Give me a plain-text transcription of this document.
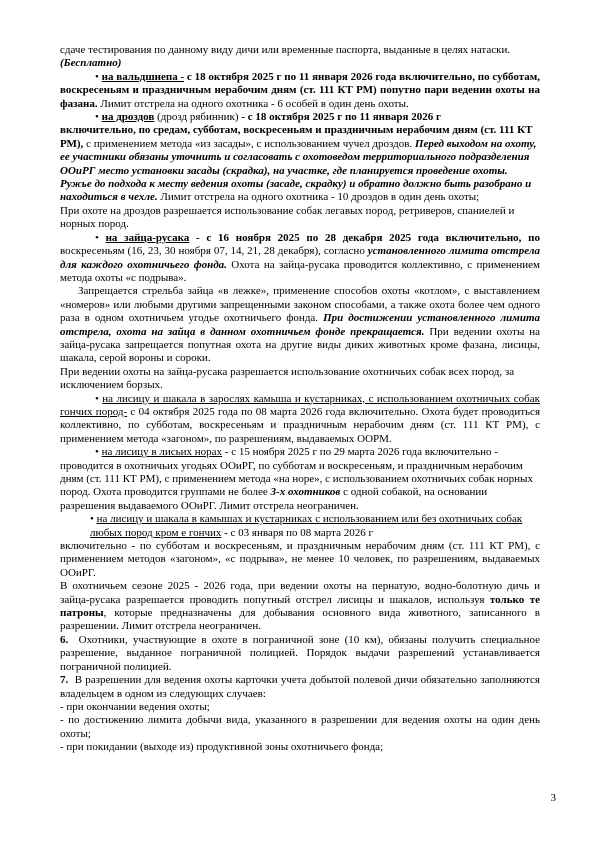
сдаче тестирования по данному виду дичи или временные паспорта, выданные в целях натаски.

(Бесплатно)

• на вальдшнепа - с 18 октября 2025 г по 11 января 2026 года включительно, по субботам, воскресеньям и праздничным нерабочим дням (ст. 111 КТ РМ) попутно пари ведении охоты на фазана. Лимит отстрела на одного охотника - 6 особей в один день охоты.

• на дроздов (дрозд рябинник) - с 18 октября 2025 г по 11 января 2026 г
включительно, по средам, субботам, воскресеньям и праздничным нерабочим дням (ст. 111 КТ РМ), с применением метода «из засады», с использованием чучел дроздов. Перед выходом на охоту, ее участники обязаны уточнить и согласовать с охотоведом территориального подразделения ООиРГ место установки засады (скрадка), на участке, где планируется проведение охоты. Ружье до подхода к месту ведения охоты (засаде, скрадку) и обратно должно быть разобрано и находиться в чехле. Лимит отстрела на одного охотника - 10 дроздов в один день охоты;

При охоте на дроздов разрешается использование собак легавых пород, ретриверов, спаниелей и норных пород.

• на зайца-русака - с 16 ноября 2025 по 28 декабря 2025 года включительно, по воскресеньям (16, 23, 30 ноября 07, 14, 21, 28 декабря), согласно установленного лимита отстрела для каждого охотничьего фонда. Охота на зайца-русака проводится коллективно, с применением метода охоты «с подрыва».

Запрещается стрельба зайца «в лежке», применение способов охоты «котлом», с выставлением «номеров» или любыми другими запрещенными законом способами, а также охота более чем одного раза в одном охотничьем угодье охотничьего фонда. При достижении установленного лимита отстрела, охота на зайца в данном охотничьем фонде прекращается. При ведении охоты на зайца-русака запрещается попутная охота на другие виды диких животных кроме фазана, лисицы, шакала, серой вороны и сороки.

При ведении охоты на зайца-русака разрешается использование охотничьих собак всех пород, за исключением борзых.

• на лисицу и шакала в зарослях камыша и кустарниках, с использованием охотничьих собак гончих пород- с 04 октября 2025 года по 08 марта 2026 года включительно. Охота будет проводиться коллективно, по субботам, воскресеньям и праздничным нерабочим дням (ст. 111 КТ РМ), с применением метода «загоном», по разрешениям, выдаваемых ООРМ.

• на лисицу в лисьих норах - с 15 ноября 2025 г по 29 марта 2026 года включительно - проводится в охотничьих угодьях ООиРГ, по субботам и воскресеньям, и праздничным нерабочим дням (ст. 111 КТ РМ), с применением метода «на норе», с использованием охотничьих собак норных пород. Охота проводится группами не более 3-х охотников с одной собакой, на основании разрешения выдаваемого ООиРГ. Лимит отстрела неограничен.

• на лисицу и шакала в камышах и кустарниках с использованием или без охотничьих собак любых пород кром е гончих - с 03 января по 08 марта 2026 г

включительно - по субботам и воскресеньям, и праздничным нерабочим дням (ст. 111 КТ РМ), с применением методов «загоном», «с подрыва», не менее 10 человек, по разрешениям, выдаваемых ООиРГ.

В охотничьем сезоне 2025 - 2026 года, при ведении охоты на пернатую, водно-болотную дичь и зайца-русака разрешается проводить попутный отстрел лисицы и шакалов, используя только те патроны, которые предназначены для добывания основного вида животного, записанного в разрешении. Лимит отстрела неограничен.

6.  Охотники, участвующие в охоте в пограничной зоне (10 км), обязаны получить специальное разрешение, выданное пограничной полицией. Порядок выдачи разрешений устанавливается пограничной полицией.

7.  В разрешении для ведения охоты карточки учета добытой полевой дичи обязательно заполняются владельцем в одном из следующих случаев:

- при окончании ведения охоты;

- по достижению лимита добычи вида, указанного в разрешении для ведения охоты на один день охоты;

- при покидании (выходе из) продуктивной зоны охотничьего фонда;

3
